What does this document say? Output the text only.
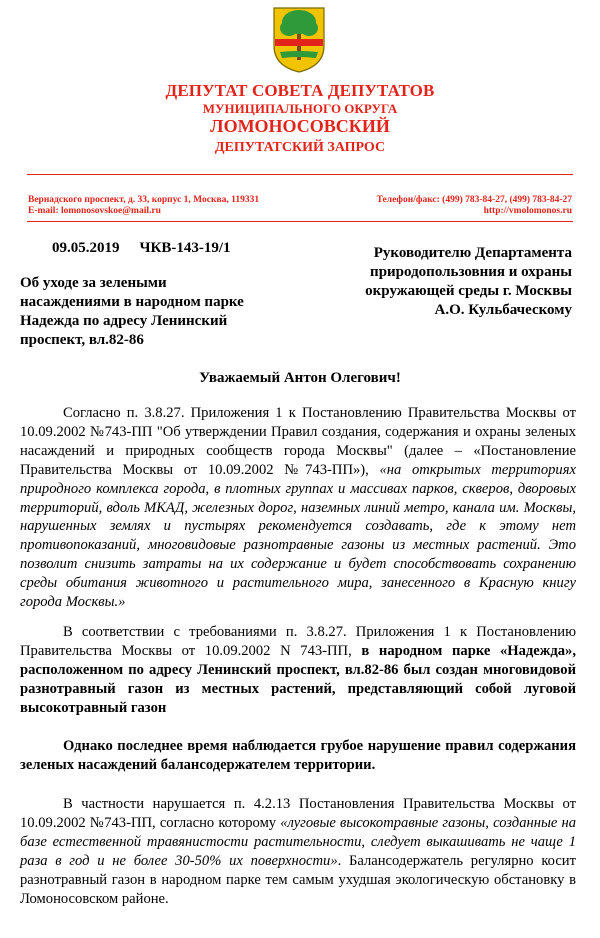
ДЕПУТАТ СОВЕТА ДЕПУТАТОВ
МУНИЦИПАЛЬНОГО ОКРУГА
ЛОМОНОСОВСКИЙ
ДЕПУТАТСКИЙ ЗАПРОС
Вернадского проспект, д. 33, корпус 1, Москва, 119331
E-mail: lomonosovskoe@mail.ru
Телефон/факс: (499) 783-84-27, (499) 783-84-27
http://vmolomonos.ru
09.05.2019 ЧКВ-143-19/1
Об уходе за зелеными насаждениями в народном парке Надежда по адресу Ленинский проспект, вл.82-86
Руководителю Департамента
природопользовния и охраны
окружающей среды г. Москвы
А.О. Кульбаческому
Уважаемый Антон Олегович!
Согласно п. 3.8.27. Приложения 1 к Постановлению Правительства Москвы от 10.09.2002 №743-ПП "Об утверждении Правил создания, содержания и охраны зеленых насаждений и природных сообществ города Москвы" (далее – «Постановление Правительства Москвы от 10.09.2002 №743-ПП»), «на открытых территориях природного комплекса города, в плотных группах и массивах парков, скверов, дворовых территорий, вдоль МКАД, железных дорог, наземных линий метро, канала им. Москвы, нарушенных землях и пустырях рекомендуется создавать, где к этому нет противопоказаний, многовидовые разнотравные газоны из местных растений. Это позволит снизить затраты на их содержание и будет способствовать сохранению среды обитания животного и растительного мира, занесенного в Красную книгу города Москвы.»
В соответствии с требованиями п. 3.8.27. Приложения 1 к Постановлению Правительства Москвы от 10.09.2002 N 743-ПП, в народном парке «Надежда», расположенном по адресу Ленинский проспект, вл.82-86 был создан многовидовой разнотравный газон из местных растений, представляющий собой луговой высокотравный газон
Однако последнее время наблюдается грубое нарушение правил содержания зеленых насаждений балансодержателем территории.
В частности нарушается п. 4.2.13 Постановления Правительства Москвы от 10.09.2002 №743-ПП, согласно которому «луговые высокотравные газоны, созданные на базе естественной травянистости растительности, следует выкашивать не чаще 1 раза в год и не более 30-50% их поверхности». Балансодержатель регулярно косит разнотравный газон в народном парке тем самым ухудшая экологическую обстановку в Ломоносовском районе.
